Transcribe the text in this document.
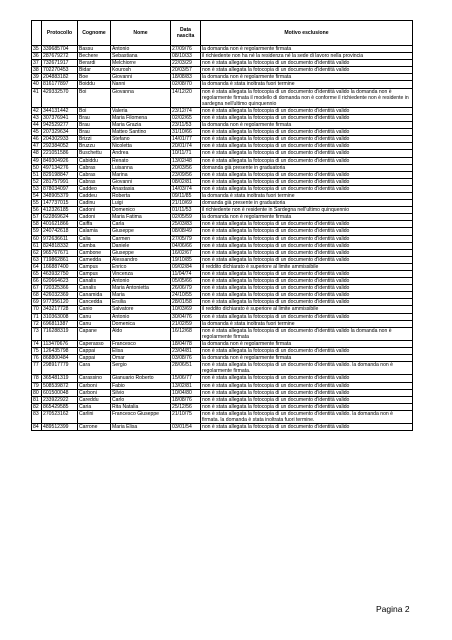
	Protocollo	Cognome	Nome	Data nascita	Motivo esclusione
35	339685704	Bassu	Antonio	27/09/76	la domanda non è regolarmente firmata
36	287679272	Bechere	Sebastiana	08/10/33	il richiedente non ha né la residenza né la sede di lavoro nella provincia
37	732671917	Berardi	Melchiorre	22/03/29	non è stata allegata la fotocopia di un documento d'identità valido
38	702270453	Bidar	Kourosh	20/03/57	non è stata allegata la fotocopia di un documento d'identità valido
39	204883182	Boe	Giovanni	18/08/83	la domanda non è regolarmente firmata
40	816177897	Boiddu	Nanni	02/08/70	la domanda è stata inoltrata fuori termine
41	429332570	Boi	Giovanna	14/12/20	non è stata allegata la fotocopia di un documento d'identità valido la domanda non è regolarmente firmata il modello di domanda non è conforme il richiedente non è residente in sardegna nell'ultimo quinquennio
42	344131442	Boi	Valeria	23/12/74	non è stata allegata la fotocopia di un documento d'identità valido
43	307376941	Brau	Maria Filomena	02/02/65	non è stata allegata la fotocopia di un documento d'identità valido
44	942529277	Brau	Maria Grazia	23/11/53	la domanda non è regolarmente firmata
45	207329634	Brau	Matteo Santino	31/10/66	non è stata allegata la fotocopia di un documento d'identità valido
46	204302933	Brizzi	Stefano	14/01/77	non è stata allegata la fotocopia di un documento d'identità valido
47	292384052	Bruzzu	Nicoletta	20/01/74	non è stata allegata la fotocopia di un documento d'identità valido
48	221051586	Buschettu	Andrea	10/11/71	non è stata allegata la fotocopia di un documento d'identità valido
49	849304926	Cabiddu	Renato	13/02/48	non è stata allegata la fotocopia di un documento d'identità valido
50	497134276	Cabras	Luisanna	20/03/56	domanda già presente in graduatoria
51	829198847	Cabras	Marina	23/09/56	non è stata allegata la fotocopia di un documento d'identità valido
52	281757991	Cabras	Giovanni	08/02/81	non è stata allegata la fotocopia di un documento d'identità valido
53	878034097	Caddeo	Anastasia	14/03/74	non è stata allegata la fotocopia di un documento d'identità valido
54	348905379	Caddeu	Roberta	09/11/85	la domanda è stata inoltrata fuori termine
55	147737015	Cadinu	Luigi	21/10/69	domanda già presente in graduatoria
56	412326185	Cadoni	Domenico	01/11/53	il richiedente non è residente in Sardegna nell'ultimo quinquennio
57	622869624	Cadoni	Maria Fatima	02/05/59	la domanda non è regolarmente firmata
58	401621866	Caiffa	Carla	25/03/83	non è stata allegata la fotocopia di un documento d'identità valido
59	240742618	Calamia	Giuseppe	08/08/49	non è stata allegata la fotocopia di un documento d'identità valido
60	972636611	Calia	Carmen	27/05/79	non è stata allegata la fotocopia di un documento d'identità valido
61	824818332	Camba	Daniele	04/06/66	non è stata allegata la fotocopia di un documento d'identità valido
62	965767671	Cambone	Giuseppe	16/02/67	non è stata allegata la fotocopia di un documento d'identità valido
63	719862861	Camedda	Alessandro	19/10/85	non è stata allegata la fotocopia di un documento d'identità valido
64	166887400	Campus	Enrico	09/02/84	il reddito dichiarato è superiore al limite ammissibile
65	463932750	Campus	Vincenza	11/04/74	non è stata allegata la fotocopia di un documento d'identità valido
66	620664623	Canalis	Antonio	05/05/66	non è stata allegata la fotocopia di un documento d'identità valido
67	720325366	Canalis	Maria Antonietta	26/06/79	non è stata allegata la fotocopia di un documento d'identità valido
68	426032369	Canamida	Maria	24/10/55	non è stata allegata la fotocopia di un documento d'identità valido
69	977356120	Cancedda	Ersilia	28/01/58	non è stata allegata la fotocopia di un documento d'identità valido
70	343217728	Canio	Salvatore	10/03/69	il reddito dichiarato è superiore al limite ammissibile
71	310363008	Canu	Antonio	30/04/76	non è stata allegata la fotocopia di un documento d'identità valido
72	696811387	Canu	Domenica	21/02/59	la domanda è stata inoltrata fuori termine
73	716288319	Capane	Aldo	16/12/68	non è stata allegata la fotocopia di un documento d'identità valido la domanda non è regolarmente firmata
74	113470676	Caperasso	Francesco	18/04/78	la domanda non è regolarmente firmata
75	126435798	Cappai	Elisa	23/04/81	non è stata allegata la fotocopia di un documento d'identità valido
76	868800484	Cappai	Omar	03/08/76	la domanda non è regolarmente firmata
77	298917779	Cara	Sergio	28/06/51	non è stata allegata la fotocopia di un documento d'identità valido. la domanda non è regolarmente firmata.
78	365481319	Carassino	Gianuario Roberto	15/06/77	non è stata allegata la fotocopia di un documento d'identità valido
79	508539872	Carboni	Fabio	13/02/81	non è stata allegata la fotocopia di un documento d'identità valido
80	601500048	Carboni	Silvio	10/04/80	non è stata allegata la fotocopia di un documento d'identità valido
81	233922922	Careddu	Carlo	18/08/76	non è stata allegata la fotocopia di un documento d'identità valido
82	865429585	Caria	Rita Natalia	25/12/56	non è stata allegata la fotocopia di un documento d'identità valido
83	270523162	Carlini	Francesco Giuseppe	21/10/75	non è stata allegata la fotocopia di un documento d'identità valido. la domanda non è firmata. la domanda è stata inoltrata fuori termine.
84	489512399	Carrone	Maria Elisa	03/01/54	non è stata allegata la fotocopia di un documento d'identità valido
Pagina 2
